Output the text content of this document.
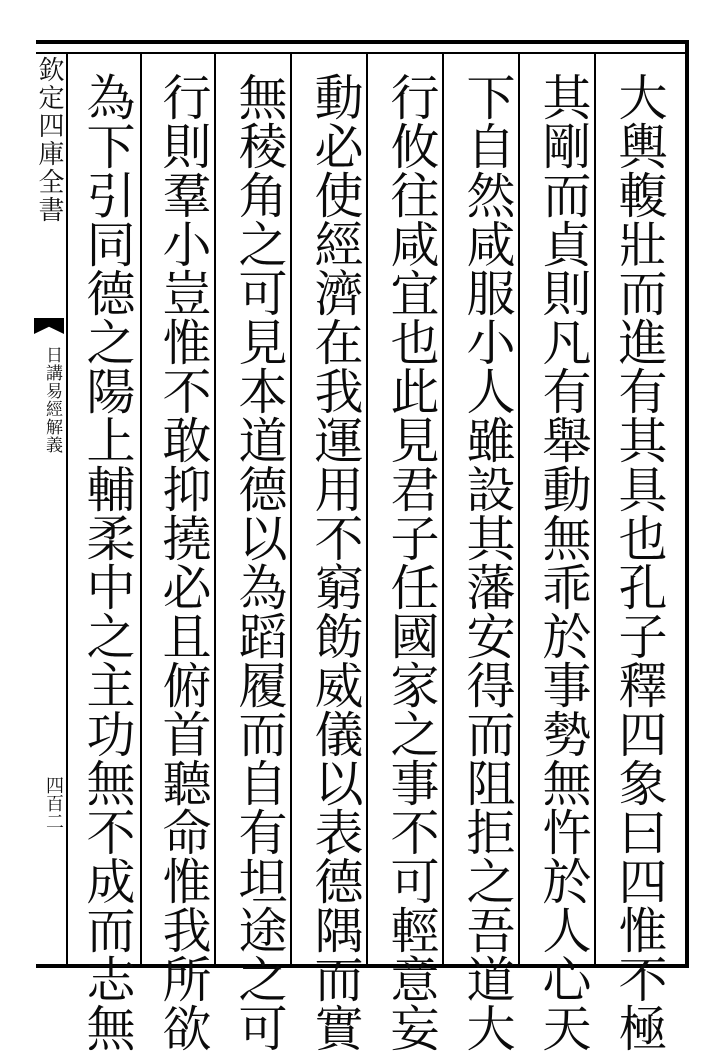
欽定四庫全書
日講易經解義
四百二	大輿輹壯而進有其具也孔子釋四象曰四惟不極
其剛而貞則凡有舉動無乖於事勢無忤於人心天
下自然咸服小人雖設其藩安得而阻拒之吾道大
行攸往咸宜也此見君子任國家之事不可輕意妄
動必使經濟在我運用不窮飭威儀以表德隅而實
無稜角之可見本道德以為蹈履而自有坦途之可
行則羣小豈惟不敢抑撓必且俯首聽命惟我所欲
為下引同德之陽上輔柔中之主功無不成而志無
